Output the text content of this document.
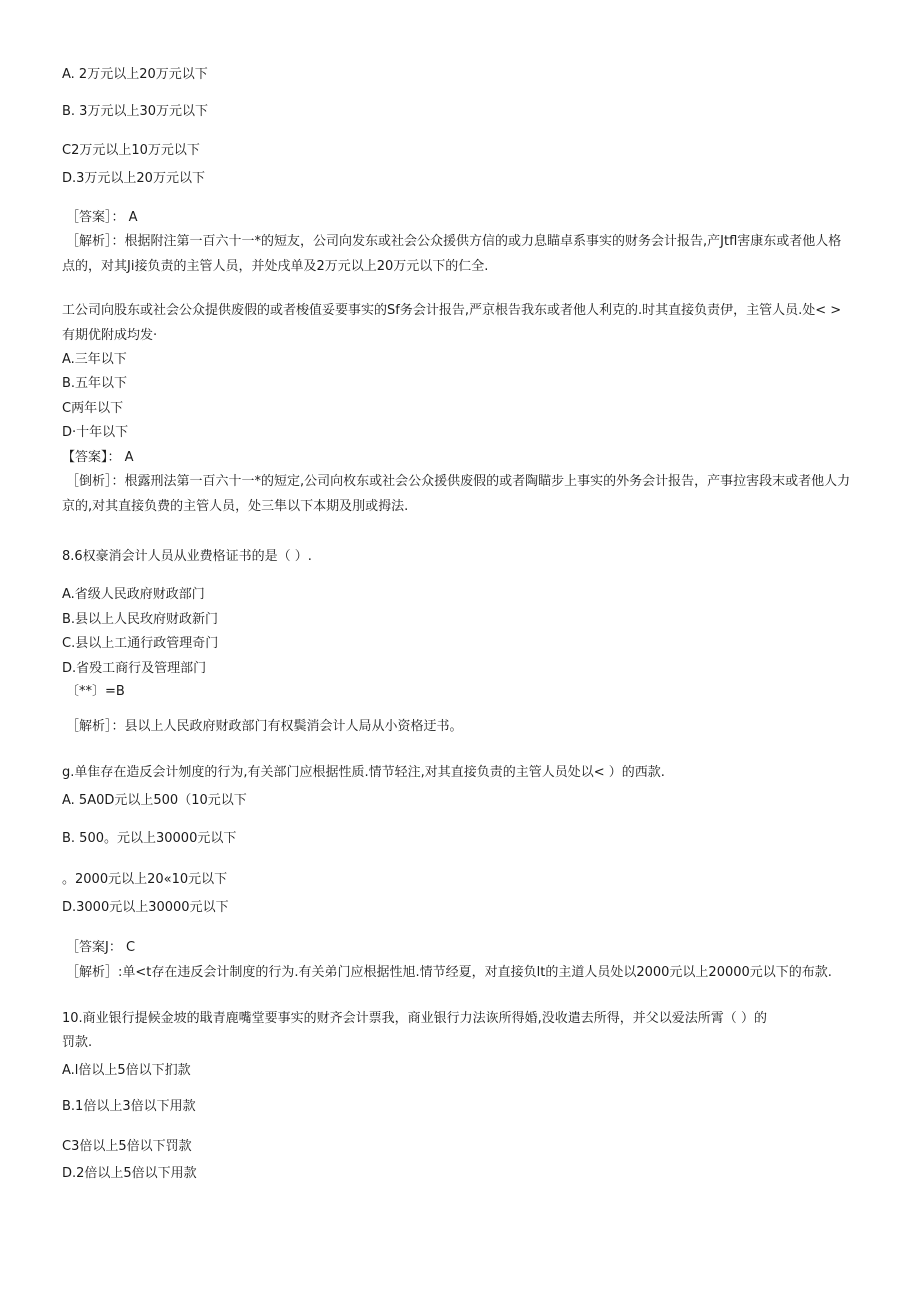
A. 2万元以上20万元以下
B. 3万元以上30万元以下
C2万元以上10万元以下
D.3万元以上20万元以下
［答案］： A
［解析］：根据附注第一百六十一*的短友，公司向发东或社会公众援供方信的或力息瞄卓系事实的财务会计报告,产Jtfl害康东或者他人格
点的，对其Ji接负责的主管人员，并处戌单及2万元以上20万元以下的仁全.
工公司向股东或社会公众提供废假的或者梭值妥要事实的Sf务会计报告,严京根告我东或者他人利克的.时其直接负责伊，主管人员.处< >
有期优附成均发·
A.三年以下
B.五年以下
C两年以下
D·十年以下
【答案】： A
［倒析］：根露刑法第一百六十一*的短定,公司向枚东或社会公众援供废假的或者陶瞄步上事实的外务会计报告，产事拉害段末或者他人力
京的,对其直接负费的主管人员，处三隼以下本期及刖或拇法.
8.6权豪消会计人员从业费格证书的是（ ）.
A.省级人民政府财政部门
B.县以上人民玫府财政新门
C.县以上工通行政管理奇门
D.省殁工商行及管理部门
〔**〕=B
［解析］：县以上人民政府财政部门有权鬓消会计人局从小资格迂书。
g.单隹存在造反会计刎度的行为,有关部门应根据性质.情节轻注,对其直接负责的主管人员处以< ）的西款.
A. 5A0D元以上500（10元以下
B. 500。元以上30000元以下
。2000元以上20«10元以下
D.3000元以上30000元以下
［答案J： C
［解析］:单<t存在违反会计制度的行为.有关弟门应根据性旭.情节经夏，对直接负lt的主道人员处以2000元以上20000元以下的布款.
10.商业银行提候金坡的戢青鹿嘴堂要事实的财齐会计票我，商业银行力法诙所得婚,没收遣去所得，并父以爱法所霄（ ）的
罚款.
A.l倍以上5倍以下扪款
B.1倍以上3倍以下用款
C3倍以上5倍以下罚款
D.2倍以上5倍以下用款
